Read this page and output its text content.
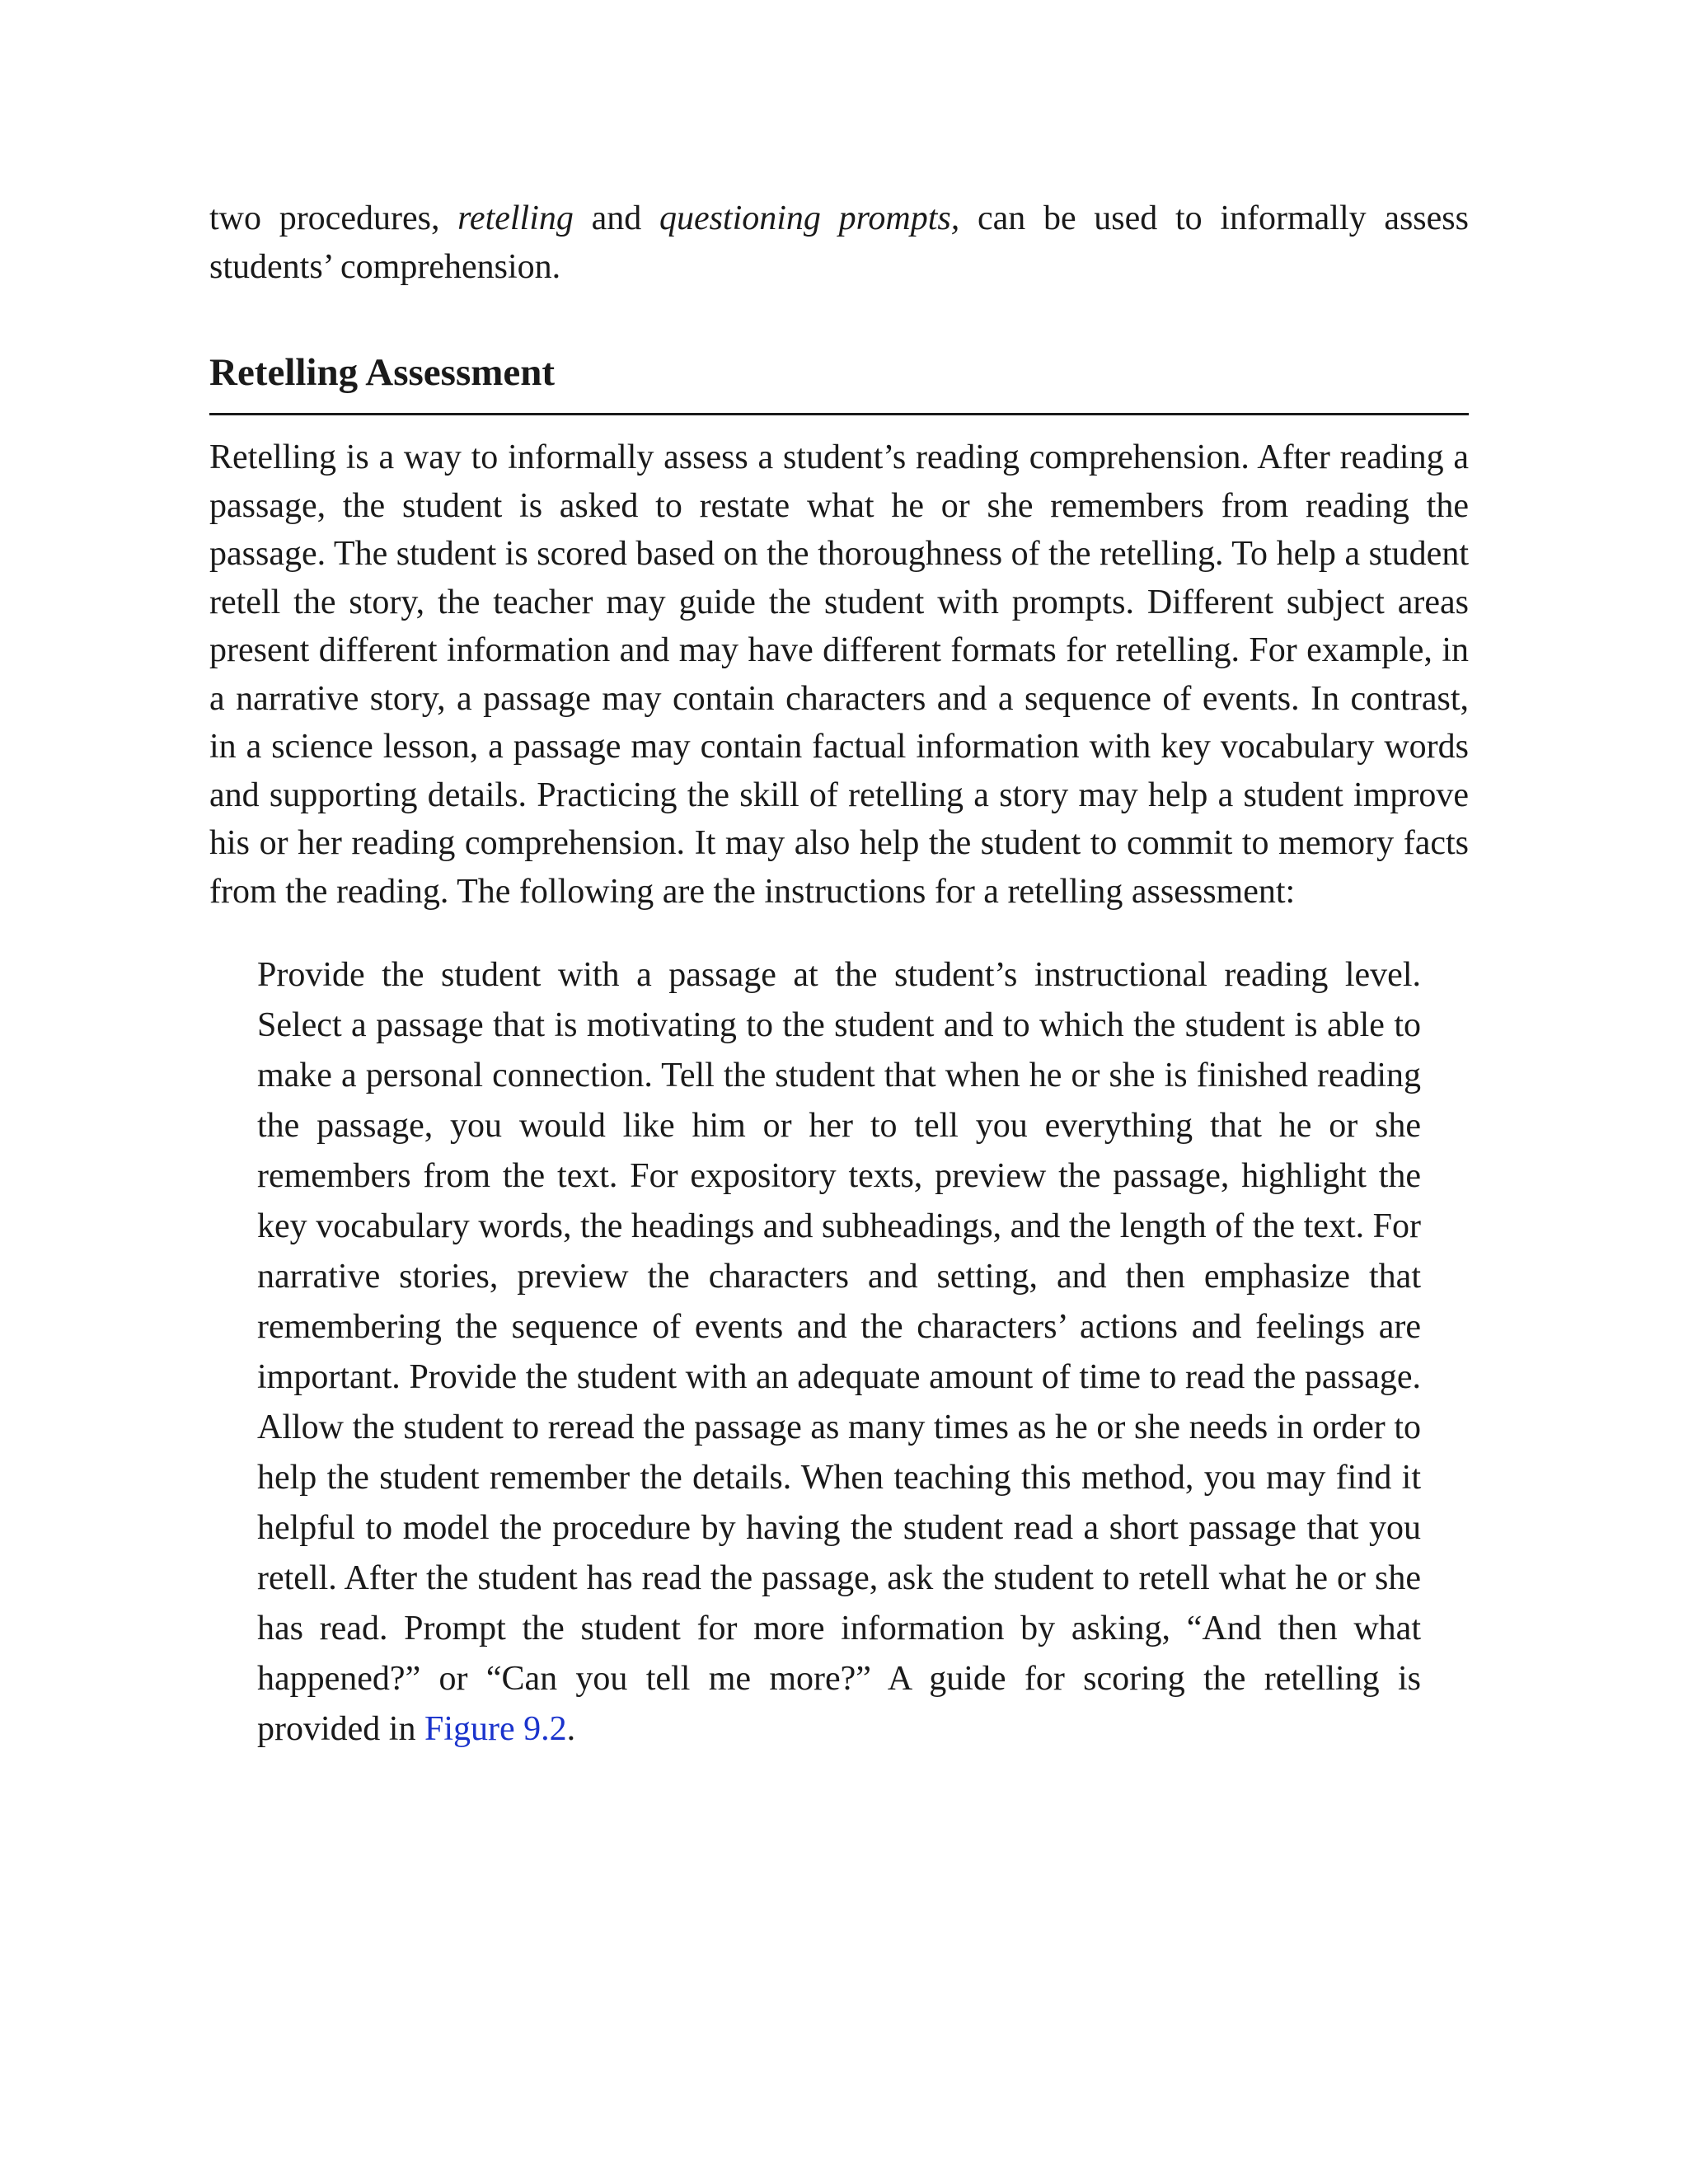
two procedures, retelling and questioning prompts, can be used to informally assess students’ comprehension.

Retelling Assessment

Retelling is a way to informally assess a student’s reading comprehension. After reading a passage, the student is asked to restate what he or she remembers from reading the passage. The student is scored based on the thoroughness of the retelling. To help a student retell the story, the teacher may guide the student with prompts. Different subject areas present different information and may have different formats for retelling. For example, in a narrative story, a passage may contain characters and a sequence of events. In contrast, in a science lesson, a passage may contain factual information with key vocabulary words and supporting details. Practicing the skill of retelling a story may help a student improve his or her reading comprehension. It may also help the student to commit to memory facts from the reading. The following are the instructions for a retelling assessment:

Provide the student with a passage at the student’s instructional reading level. Select a passage that is motivating to the student and to which the student is able to make a personal connection. Tell the student that when he or she is finished reading the passage, you would like him or her to tell you everything that he or she remembers from the text. For expository texts, preview the passage, highlight the key vocabulary words, the headings and subheadings, and the length of the text. For narrative stories, preview the characters and setting, and then emphasize that remembering the sequence of events and the characters’ actions and feelings are important. Provide the student with an adequate amount of time to read the passage. Allow the student to reread the passage as many times as he or she needs in order to help the student remember the details. When teaching this method, you may find it helpful to model the procedure by having the student read a short passage that you retell. After the student has read the passage, ask the student to retell what he or she has read. Prompt the student for more information by asking, “And then what happened?” or “Can you tell me more?” A guide for scoring the retelling is provided in Figure 9.2.
